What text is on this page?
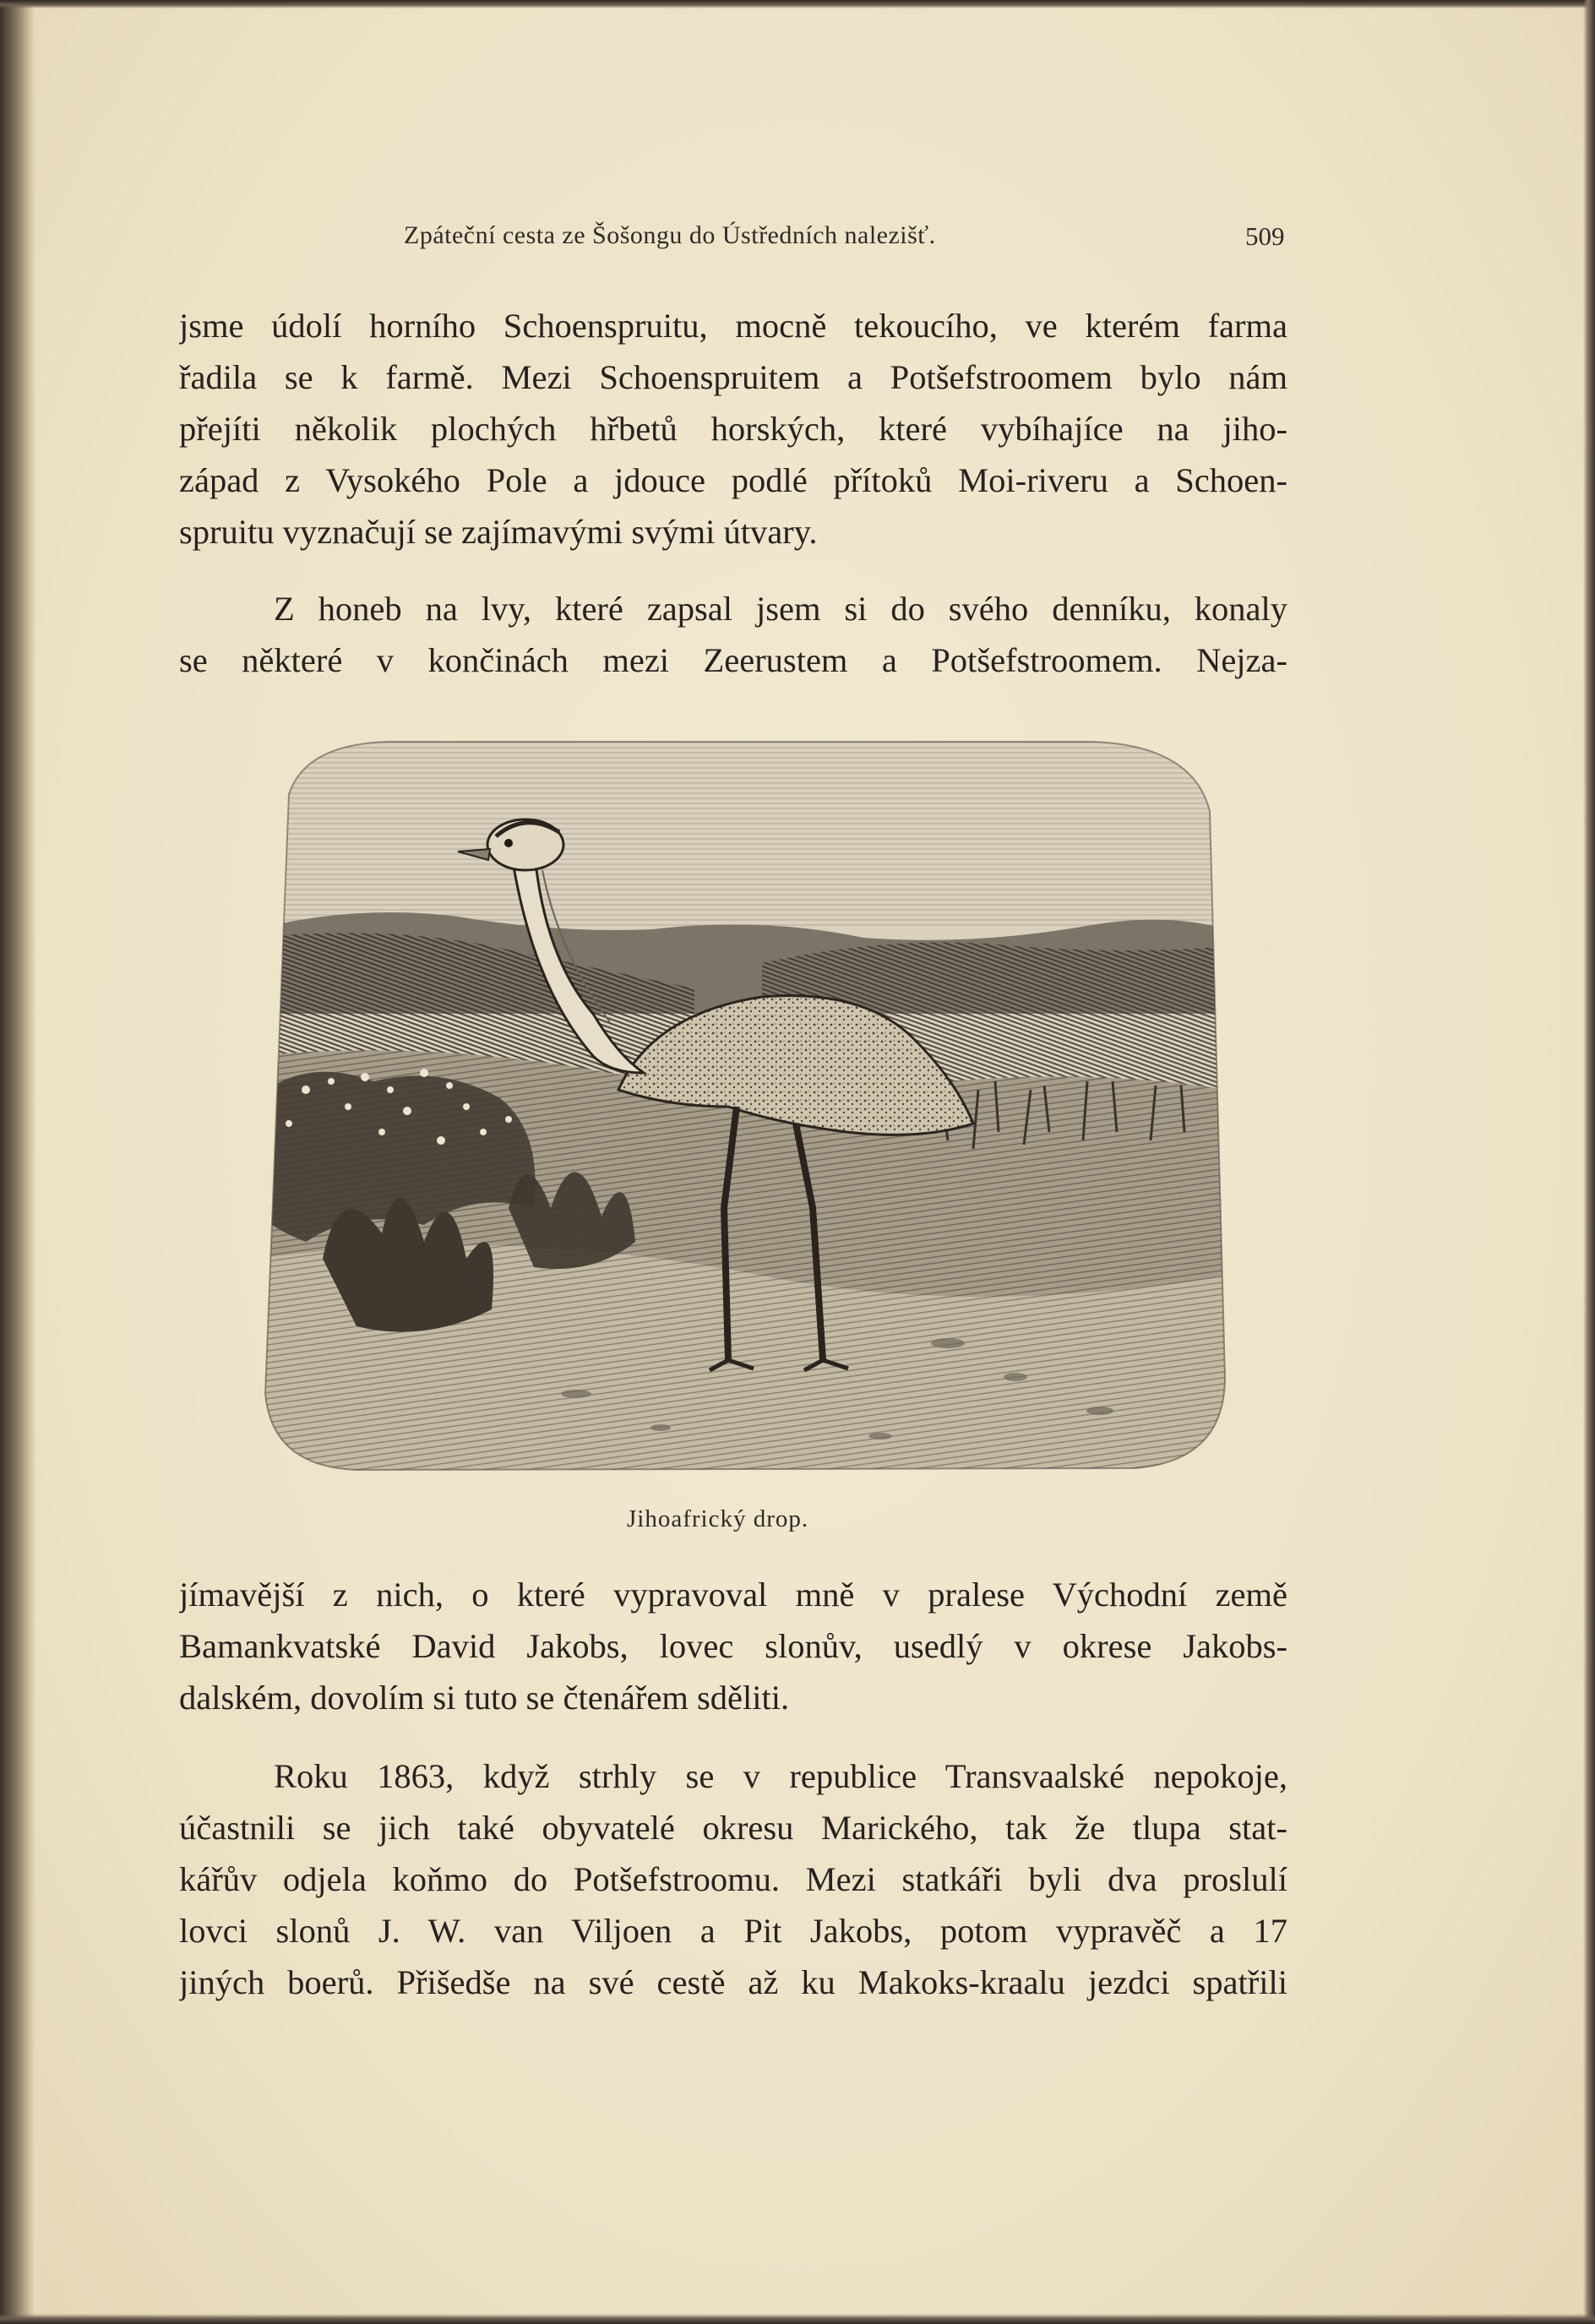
Zpáteční cesta ze Šošongu do Ústředních nalezišť.	509
jsme údolí horního Schoenspruitu, mocně tekoucího, ve kterém farma
řadila se k farmě. Mezi Schoenspruitem a Potšefstroomem bylo nám
přejíti několik plochých hřbetů horských, které vybíhajíce na jiho-
západ z Vysokého Pole a jdouce podlé přítoků Moi-riveru a Schoen-
spruitu vyznačují se zajímavými svými útvary.
Z honeb na lvy, které zapsal jsem si do svého denníku, konaly
se některé v končinách mezi Zeerustem a Potšefstroomem. Nejza-
Jihoafrický drop.
jímavější z nich, o které vypravoval mně v pralese Východní země
Bamankvatské David Jakobs, lovec slonův, usedlý v okrese Jakobs-
dalském, dovolím si tuto se čtenářem sděliti.
Roku 1863, když strhly se v republice Transvaalské nepokoje,
účastnili se jich také obyvatelé okresu Marického, tak že tlupa stat-
kářův odjela koňmo do Potšefstroomu. Mezi statkáři byli dva proslulí
lovci slonů J. W. van Viljoen a Pit Jakobs, potom vypravěč a 17
jiných boerů. Přišedše na své cestě až ku Makoks-kraalu jezdci spatřili
